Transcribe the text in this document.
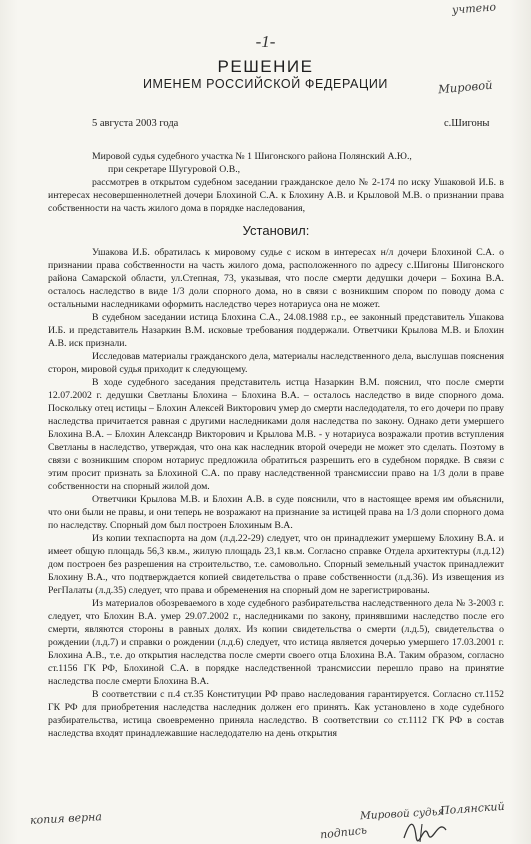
учтено
Мировой
-1-
РЕШЕНИЕ
ИМЕНЕМ РОССИЙСКОЙ ФЕДЕРАЦИИ
5 августа 2003 года	с.Шигоны

Мировой судья судебного участка № 1 Шигонского района Полянский А.Ю.,

при секретаре Шугуровой О.В.,

рассмотрев в открытом судебном заседании гражданское дело № 2-174 по иску Ушаковой И.Б. в интересах несовершеннолетней дочери Блохиной С.А. к Блохину А.В. и Крыловой М.В. о признании права собственности на часть жилого дома в порядке наследования,

Установил:

Ушакова И.Б. обратилась к мировому судье с иском в интересах н/л дочери Блохиной С.А. о признании права собственности на часть жилого дома, расположенного по адресу с.Шигоны Шигонского района Самарской области, ул.Степная, 73, указывая, что после смерти дедушки дочери – Бохина В.А. осталось наследство в виде 1/3 доли спорного дома, но в связи с возникшим спором по поводу дома с остальными наследниками оформить наследство через нотариуса она не может.

В судебном заседании истица Блохина С.А., 24.08.1988 г.р., ее законный представитель Ушакова И.Б. и представитель Назаркин В.М. исковые требования поддержали. Ответчики Крылова М.В. и Блохин А.В. иск признали.

Исследовав материалы гражданского дела, материалы наследственного дела, выслушав пояснения сторон, мировой судья приходит к следующему.

В ходе судебного заседания представитель истца Назаркин В.М. пояснил, что после смерти 12.07.2002 г. дедушки Светланы Блохина – Блохина В.А. – осталось наследство в виде спорного дома. Поскольку отец истицы – Блохин Алексей Викторович умер до смерти наследодателя, то его дочери по праву наследства причитается равная с другими наследниками доля наследства по закону. Однако дети умершего Блохина В.А. – Блохин Александр Викторович и Крылова М.В. - у нотариуса возражали против вступления Светланы в наследство, утверждая, что она как наследник второй очереди не может это сделать. Поэтому в связи с возникшим спором нотариус предложила обратиться разрешить его в судебном порядке. В связи с этим просит признать за Блохиной С.А. по праву наследственной трансмиссии право на 1/3 доли в праве собственности на спорный жилой дом.

Ответчики Крылова М.В. и Блохин А.В. в суде пояснили, что в настоящее время им объяснили, что они были не правы, и они теперь не возражают на признание за истицей права на 1/3 доли спорного дома по наследству. Спорный дом был построен Блохиным В.А.

Из копии техпаспорта на дом (л.д.22-29) следует, что он принадлежит умершему Блохину В.А. и имеет общую площадь 56,3 кв.м., жилую площадь 23,1 кв.м. Согласно справке Отдела архитектуры (л.д.12) дом построен без разрешения на строительство, т.е. самовольно. Спорный земельный участок принадлежит Блохину В.А., что подтверждается копией свидетельства о праве собственности (л.д.36). Из извещения из РегПалаты (л.д.35) следует, что права и обременения на спорный дом не зарегистрированы.

Из материалов обозреваемого в ходе судебного разбирательства наследственного дела № 3-2003 г. следует, что Блохин В.А. умер 29.07.2002 г., наследниками по закону, принявшими наследство после его смерти, являются стороны в равных долях. Из копии свидетельства о смерти (л.д.5), свидетельства о рождении (л.д.7) и справки о рождении (л.д.6) следует, что истица является дочерью умершего 17.03.2001 г. Блохина А.В., т.е. до открытия наследства после смерти своего отца Блохина В.А. Таким образом, согласно ст.1156 ГК РФ, Блохиной С.А. в порядке наследственной трансмиссии перешло право на принятие наследства после смерти Блохина В.А.

В соответствии с п.4 ст.35 Конституции РФ право наследования гарантируется. Согласно ст.1152 ГК РФ для приобретения наследства наследник должен его принять. Как установлено в ходе судебного разбирательства, истица своевременно приняла наследство. В соответствии со ст.1112 ГК РФ в состав наследства входят принадлежавшие наследодателю на день открытия

копия верна	Мировой судья
Полянский
подпись
